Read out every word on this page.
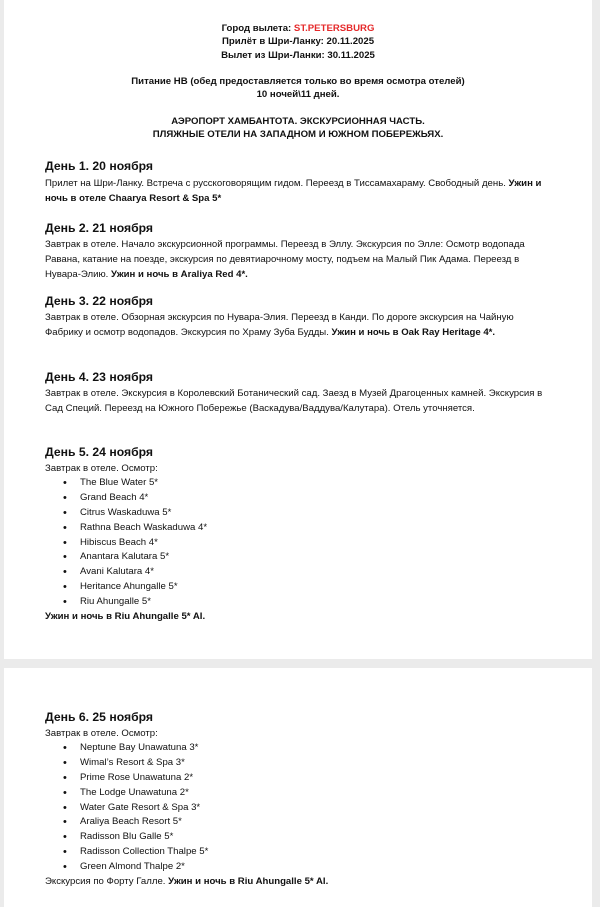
Город вылета: ST.PETERSBURG
Прилёт в Шри-Ланку: 20.11.2025
Вылет из Шри-Ланки: 30.11.2025
Питание НВ (обед предоставляется только во время осмотра отелей)
10 ночей\11 дней.
АЭРОПОРТ ХАМБАНТОТА. ЭКСКУРСИОННАЯ ЧАСТЬ.
ПЛЯЖНЫЕ ОТЕЛИ НА ЗАПАДНОМ И ЮЖНОМ ПОБЕРЕЖЬЯХ.
День 1. 20 ноября
Прилет на Шри-Ланку. Встреча с русскоговорящим гидом. Переезд в Тиссамахараму. Свободный день. Ужин и ночь в отеле Chaarya Resort & Spa 5*
День 2. 21 ноября
Завтрак в отеле. Начало экскурсионной программы. Переезд в Эллу. Экскурсия по Элле: Осмотр водопада Равана, катание на поезде, экскурсия по девятиарочному мосту, подъем на Малый Пик Адама. Переезд в Нувара-Элию. Ужин и ночь в Araliya Red 4*.
День 3. 22 ноября
Завтрак в отеле. Обзорная экскурсия по Нувара-Элия. Переезд в Канди. По дороге экскурсия на Чайную Фабрику и осмотр водопадов. Экскурсия по Храму Зуба Будды. Ужин и ночь в Oak Ray Heritage 4*.
День 4. 23 ноября
Завтрак в отеле. Экскурсия в Королевский Ботанический сад. Заезд в Музей Драгоценных камней. Экскурсия в Сад Специй. Переезд на Южного Побережье (Васкадува/Ваддува/Калутара). Отель уточняется.
День 5. 24 ноября
Завтрак в отеле. Осмотр:
• The Blue Water 5*
• Grand Beach 4*
• Citrus Waskaduwa 5*
• Rathna Beach Waskaduwa 4*
• Hibiscus Beach 4*
• Anantara Kalutara 5*
• Avani Kalutara 4*
• Heritance Ahungalle 5*
• Riu Ahungalle 5*
Ужин и ночь в Riu Ahungalle 5* AI.
День 6. 25 ноября
Завтрак в отеле. Осмотр:
• Neptune Bay Unawatuna 3*
• Wimal’s Resort & Spa 3*
• Prime Rose Unawatuna 2*
• The Lodge Unawatuna 2*
• Water Gate Resort & Spa 3*
• Araliya Beach Resort 5*
• Radisson Blu Galle 5*
• Radisson Collection Thalpe 5*
• Green Almond Thalpe 2*
Экскурсия по Форту Галле. Ужин и ночь в Riu Ahungalle 5* AI.
